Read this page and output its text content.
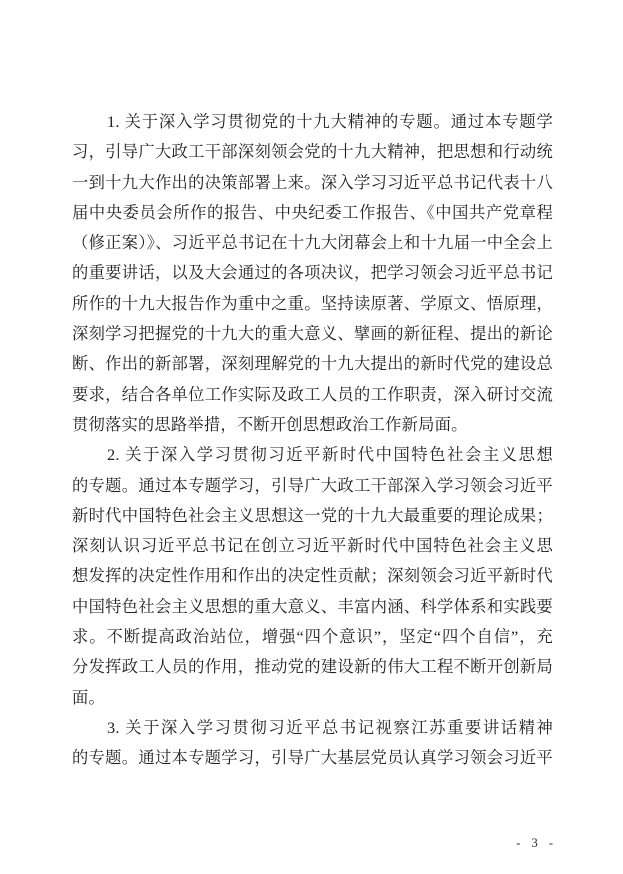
1. 关于深入学习贯彻党的十九大精神的专题。通过本专题学
习，引导广大政工干部深刻领会党的十九大精神，把思想和行动统
一到十九大作出的决策部署上来。深入学习习近平总书记代表十八
届中央委员会所作的报告、中央纪委工作报告、《中国共产党章程
（修正案）》、习近平总书记在十九大闭幕会上和十九届一中全会上
的重要讲话，以及大会通过的各项决议，把学习领会习近平总书记
所作的十九大报告作为重中之重。坚持读原著、学原文、悟原理，
深刻学习把握党的十九大的重大意义、擘画的新征程、提出的新论
断、作出的新部署，深刻理解党的十九大提出的新时代党的建设总
要求，结合各单位工作实际及政工人员的工作职责，深入研讨交流
贯彻落实的思路举措，不断开创思想政治工作新局面。
2. 关于深入学习贯彻习近平新时代中国特色社会主义思想
的专题。通过本专题学习，引导广大政工干部深入学习领会习近平
新时代中国特色社会主义思想这一党的十九大最重要的理论成果；
深刻认识习近平总书记在创立习近平新时代中国特色社会主义思
想发挥的决定性作用和作出的决定性贡献；深刻领会习近平新时代
中国特色社会主义思想的重大意义、丰富内涵、科学体系和实践要
求。不断提高政治站位，增强“四个意识”，坚定“四个自信”，充
分发挥政工人员的作用，推动党的建设新的伟大工程不断开创新局
面。
3. 关于深入学习贯彻习近平总书记视察江苏重要讲话精神
的专题。通过本专题学习，引导广大基层党员认真学习领会习近平
- 3 -
